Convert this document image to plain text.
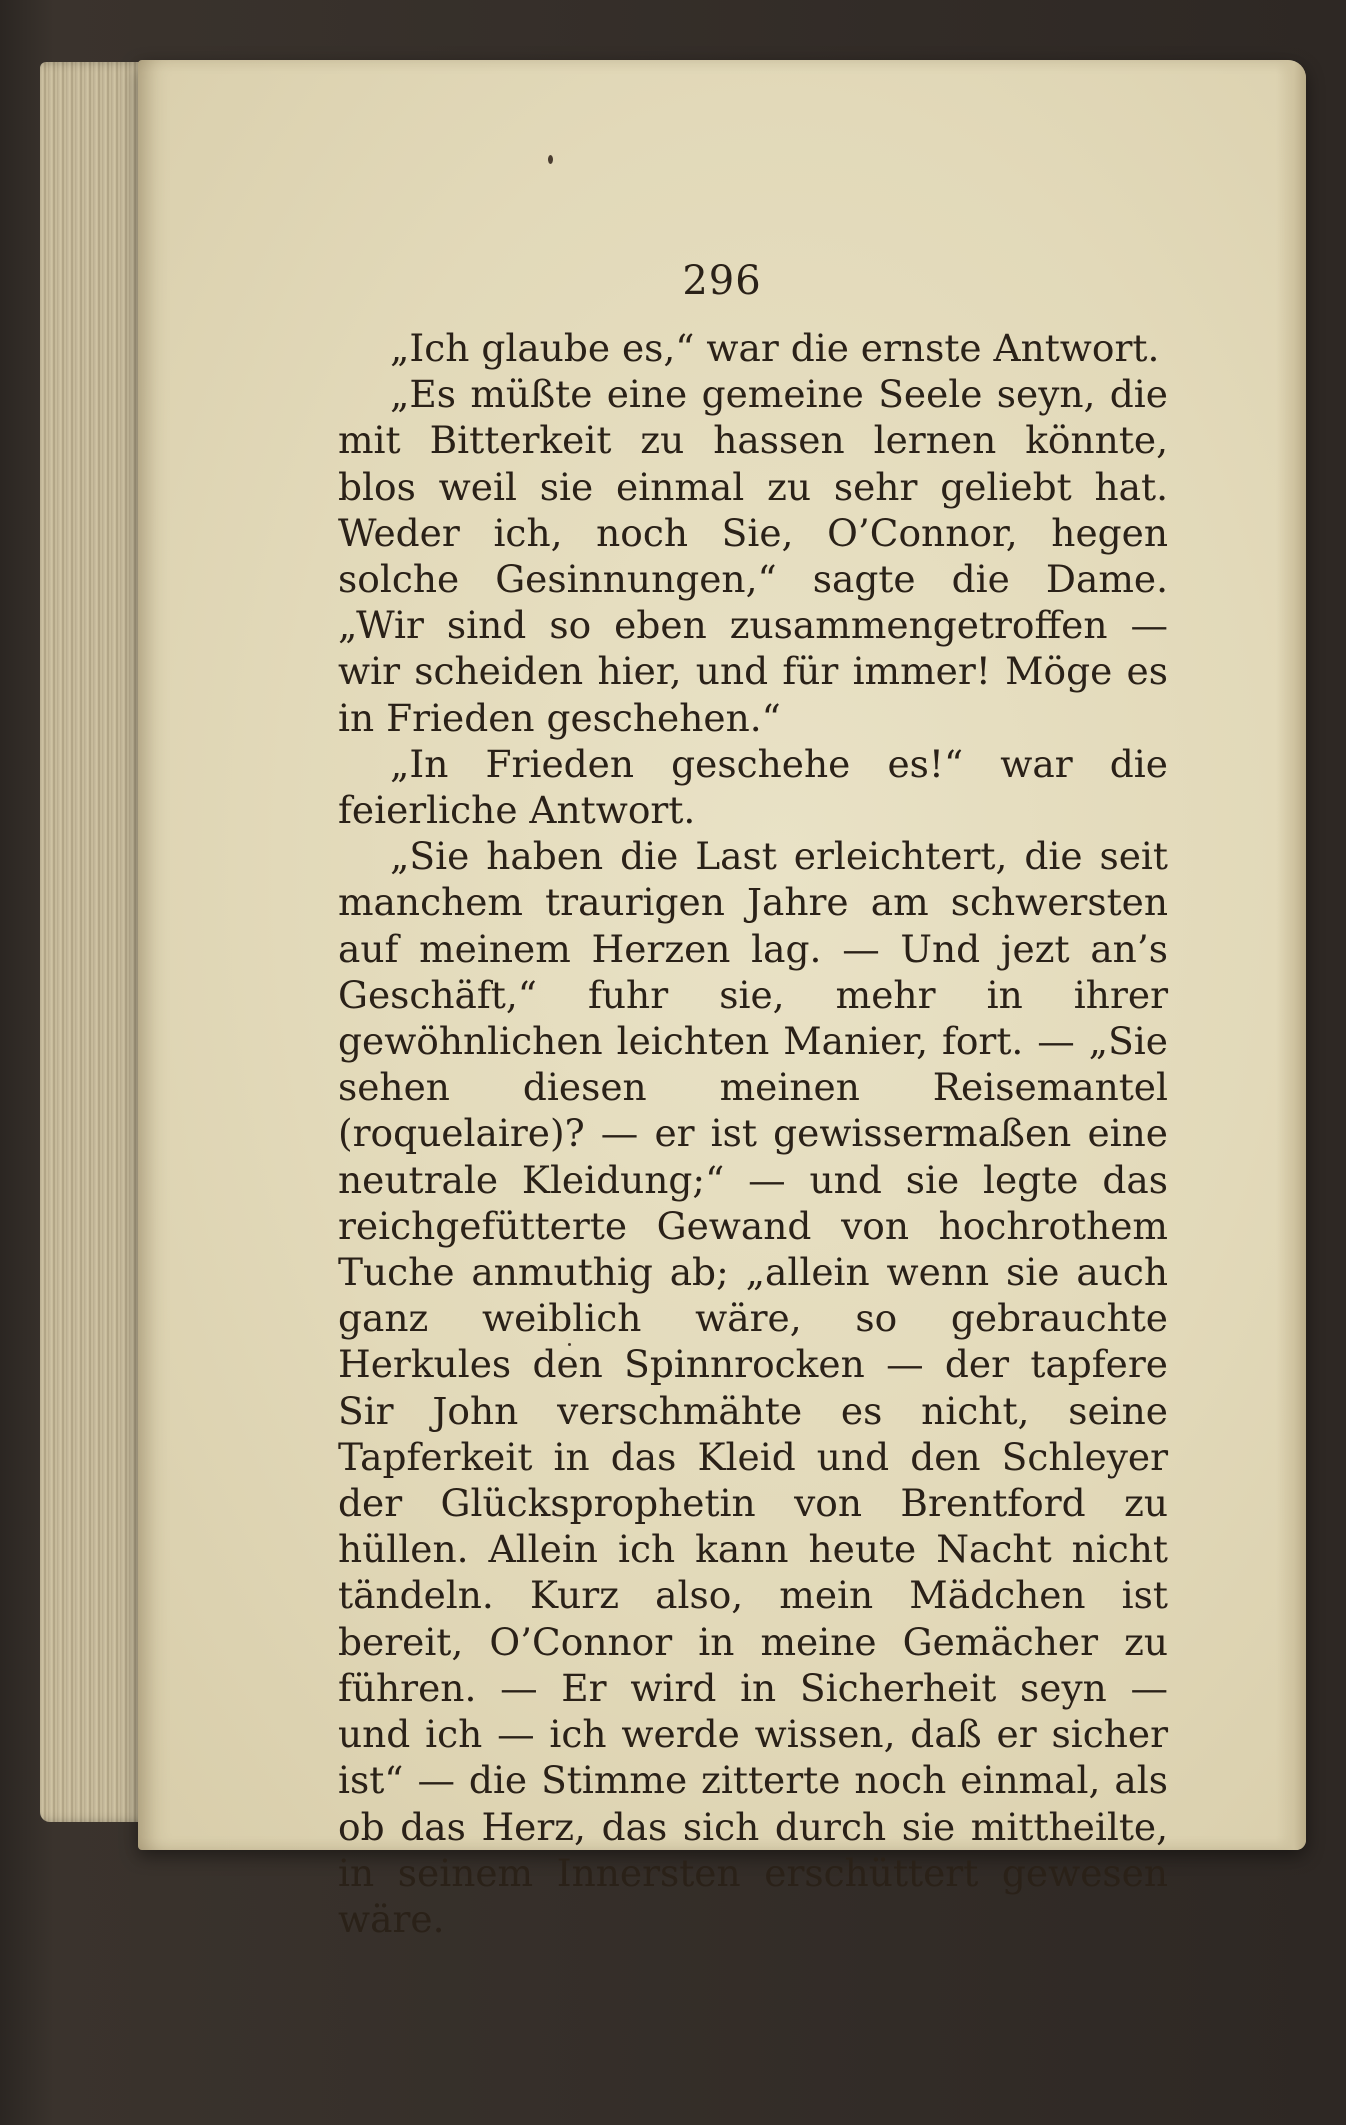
296

„Ich glaube es,“ war die ernste Antwort.

„Es müßte eine gemeine Seele seyn, die mit Bitterkeit zu hassen lernen könnte, blos weil sie einmal zu sehr geliebt hat. Weder ich, noch Sie, O’Connor, hegen solche Gesinnungen,“ sagte die Dame. „Wir sind so eben zusammengetroffen — wir scheiden hier, und für immer! Möge es in Frieden geschehen.“

„In Frieden geschehe es!“ war die feierliche Antwort.

„Sie haben die Last erleichtert, die seit manchem traurigen Jahre am schwersten auf meinem Herzen lag. — Und jezt an’s Geschäft,“ fuhr sie, mehr in ihrer gewöhnlichen leichten Manier, fort. — „Sie sehen diesen meinen Reisemantel (roquelaire)? — er ist gewissermaßen eine neutrale Kleidung;“ — und sie legte das reichgefütterte Gewand von hochrothem Tuche anmuthig ab; „allein wenn sie auch ganz weiblich wäre, so gebrauchte Herkules den Spinnrocken — der tapfere Sir John verschmähte es nicht, seine Tapferkeit in das Kleid und den Schleyer der Glücksprophetin von Brentford zu hüllen. Allein ich kann heute Nacht nicht tändeln. Kurz also, mein Mädchen ist bereit, O’Connor in meine Gemächer zu führen. — Er wird in Sicherheit seyn — und ich — ich werde wissen, daß er sicher ist“ — die Stimme zitterte noch einmal, als ob das Herz, das sich durch sie mittheilte, in seinem Innersten erschüttert gewesen wäre.
